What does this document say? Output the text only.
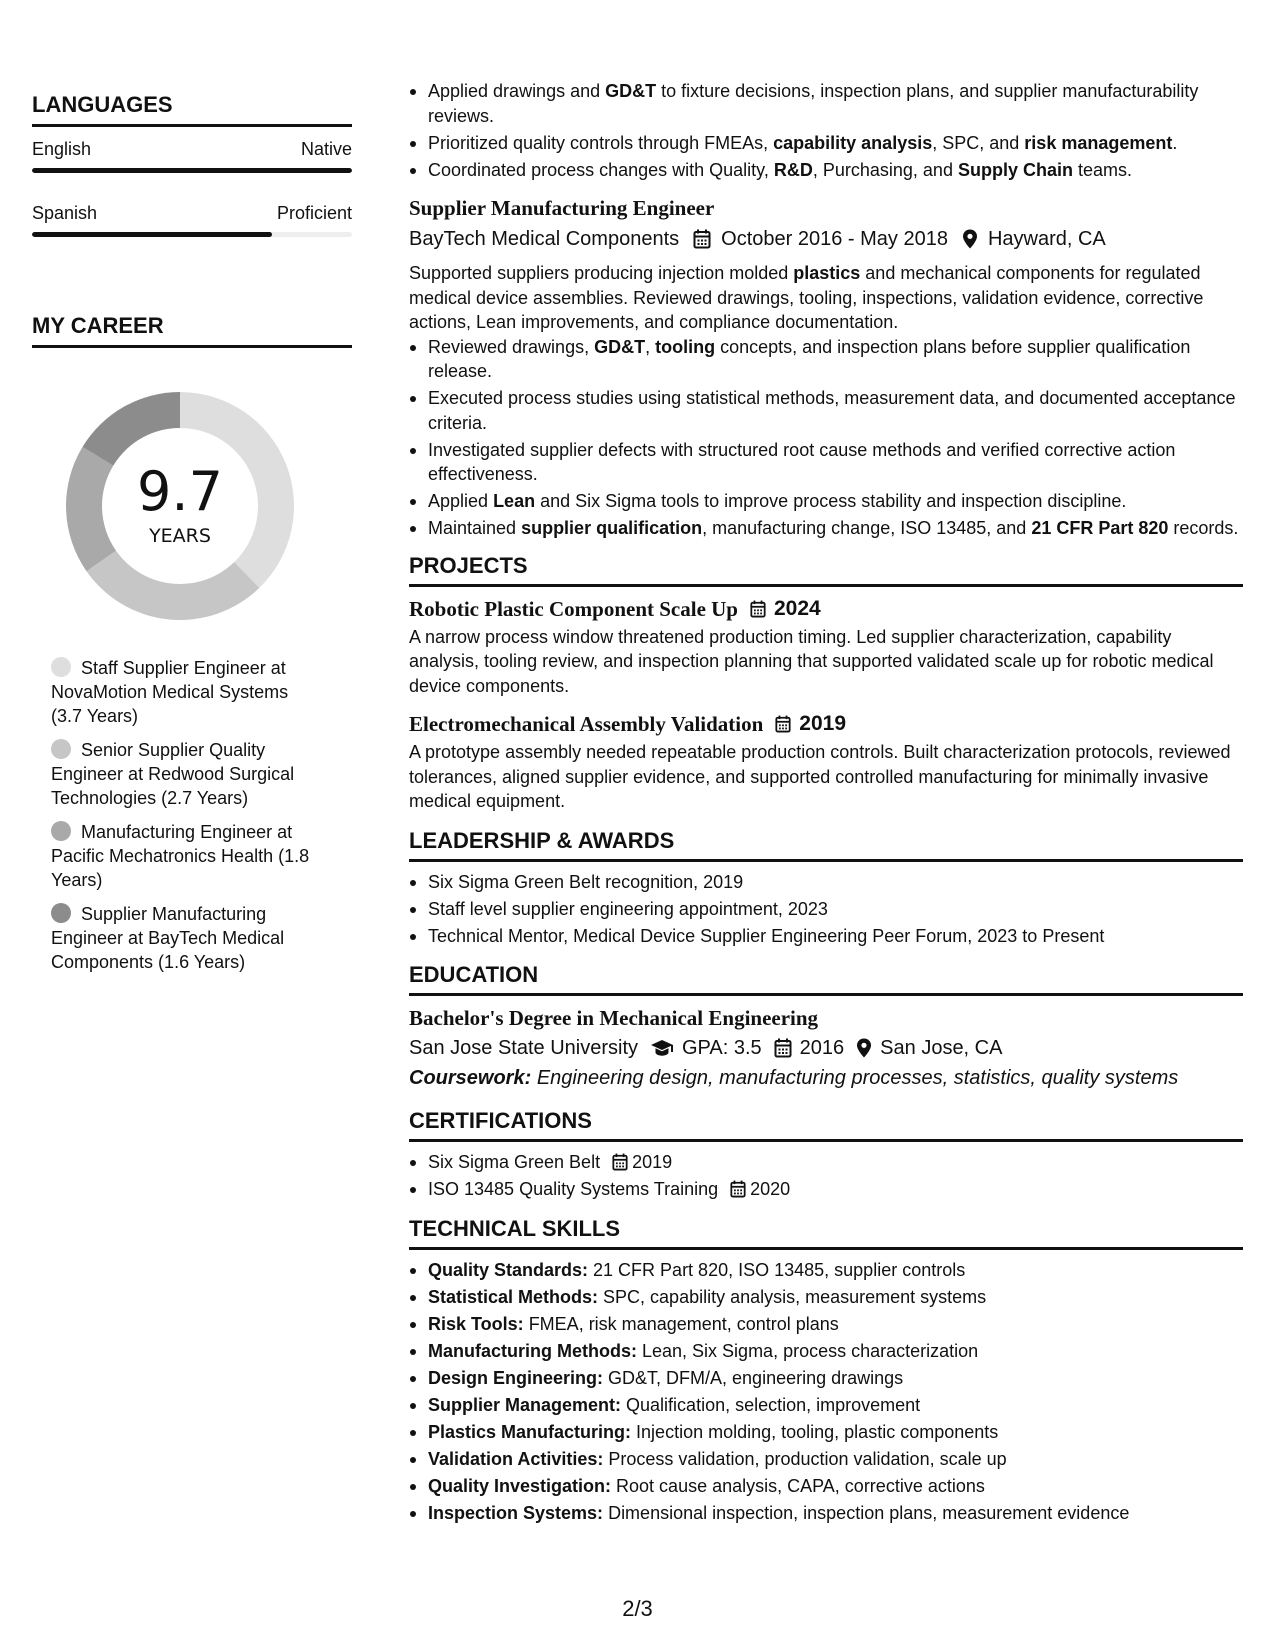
LANGUAGES
English	Native
Spanish	Proficient
MY CAREER
9.7
YEARS
Staff Supplier Engineer at NovaMotion Medical Systems (3.7 Years)
Senior Supplier Quality Engineer at Redwood Surgical Technologies (2.7 Years)
Manufacturing Engineer at Pacific Mechatronics Health (1.8 Years)
Supplier Manufacturing Engineer at BayTech Medical Components (1.6 Years)
Applied drawings and GD&T to fixture decisions, inspection plans, and supplier manufacturability reviews.
Prioritized quality controls through FMEAs, capability analysis, SPC, and risk management.
Coordinated process changes with Quality, R&D, Purchasing, and Supply Chain teams.
Supplier Manufacturing Engineer
BayTech Medical Components October 2016 - May 2018 Hayward, CA
Supported suppliers producing injection molded plastics and mechanical components for regulated medical device assemblies. Reviewed drawings, tooling, inspections, validation evidence, corrective actions, Lean improvements, and compliance documentation.
Reviewed drawings, GD&T, tooling concepts, and inspection plans before supplier qualification release.
Executed process studies using statistical methods, measurement data, and documented acceptance criteria.
Investigated supplier defects with structured root cause methods and verified corrective action effectiveness.
Applied Lean and Six Sigma tools to improve process stability and inspection discipline.
Maintained supplier qualification, manufacturing change, ISO 13485, and 21 CFR Part 820 records.
PROJECTS
Robotic Plastic Component Scale Up 2024
A narrow process window threatened production timing. Led supplier characterization, capability analysis, tooling review, and inspection planning that supported validated scale up for robotic medical device components.
Electromechanical Assembly Validation 2019
A prototype assembly needed repeatable production controls. Built characterization protocols, reviewed tolerances, aligned supplier evidence, and supported controlled manufacturing for minimally invasive medical equipment.
LEADERSHIP & AWARDS
Six Sigma Green Belt recognition, 2019
Staff level supplier engineering appointment, 2023
Technical Mentor, Medical Device Supplier Engineering Peer Forum, 2023 to Present
EDUCATION
Bachelor's Degree in Mechanical Engineering
San Jose State University GPA: 3.5 2016 San Jose, CA
Coursework: Engineering design, manufacturing processes, statistics, quality systems
CERTIFICATIONS
Six Sigma Green Belt 2019
ISO 13485 Quality Systems Training 2020
TECHNICAL SKILLS
Quality Standards: 21 CFR Part 820, ISO 13485, supplier controls
Statistical Methods: SPC, capability analysis, measurement systems
Risk Tools: FMEA, risk management, control plans
Manufacturing Methods: Lean, Six Sigma, process characterization
Design Engineering: GD&T, DFM/A, engineering drawings
Supplier Management: Qualification, selection, improvement
Plastics Manufacturing: Injection molding, tooling, plastic components
Validation Activities: Process validation, production validation, scale up
Quality Investigation: Root cause analysis, CAPA, corrective actions
Inspection Systems: Dimensional inspection, inspection plans, measurement evidence
2/3
